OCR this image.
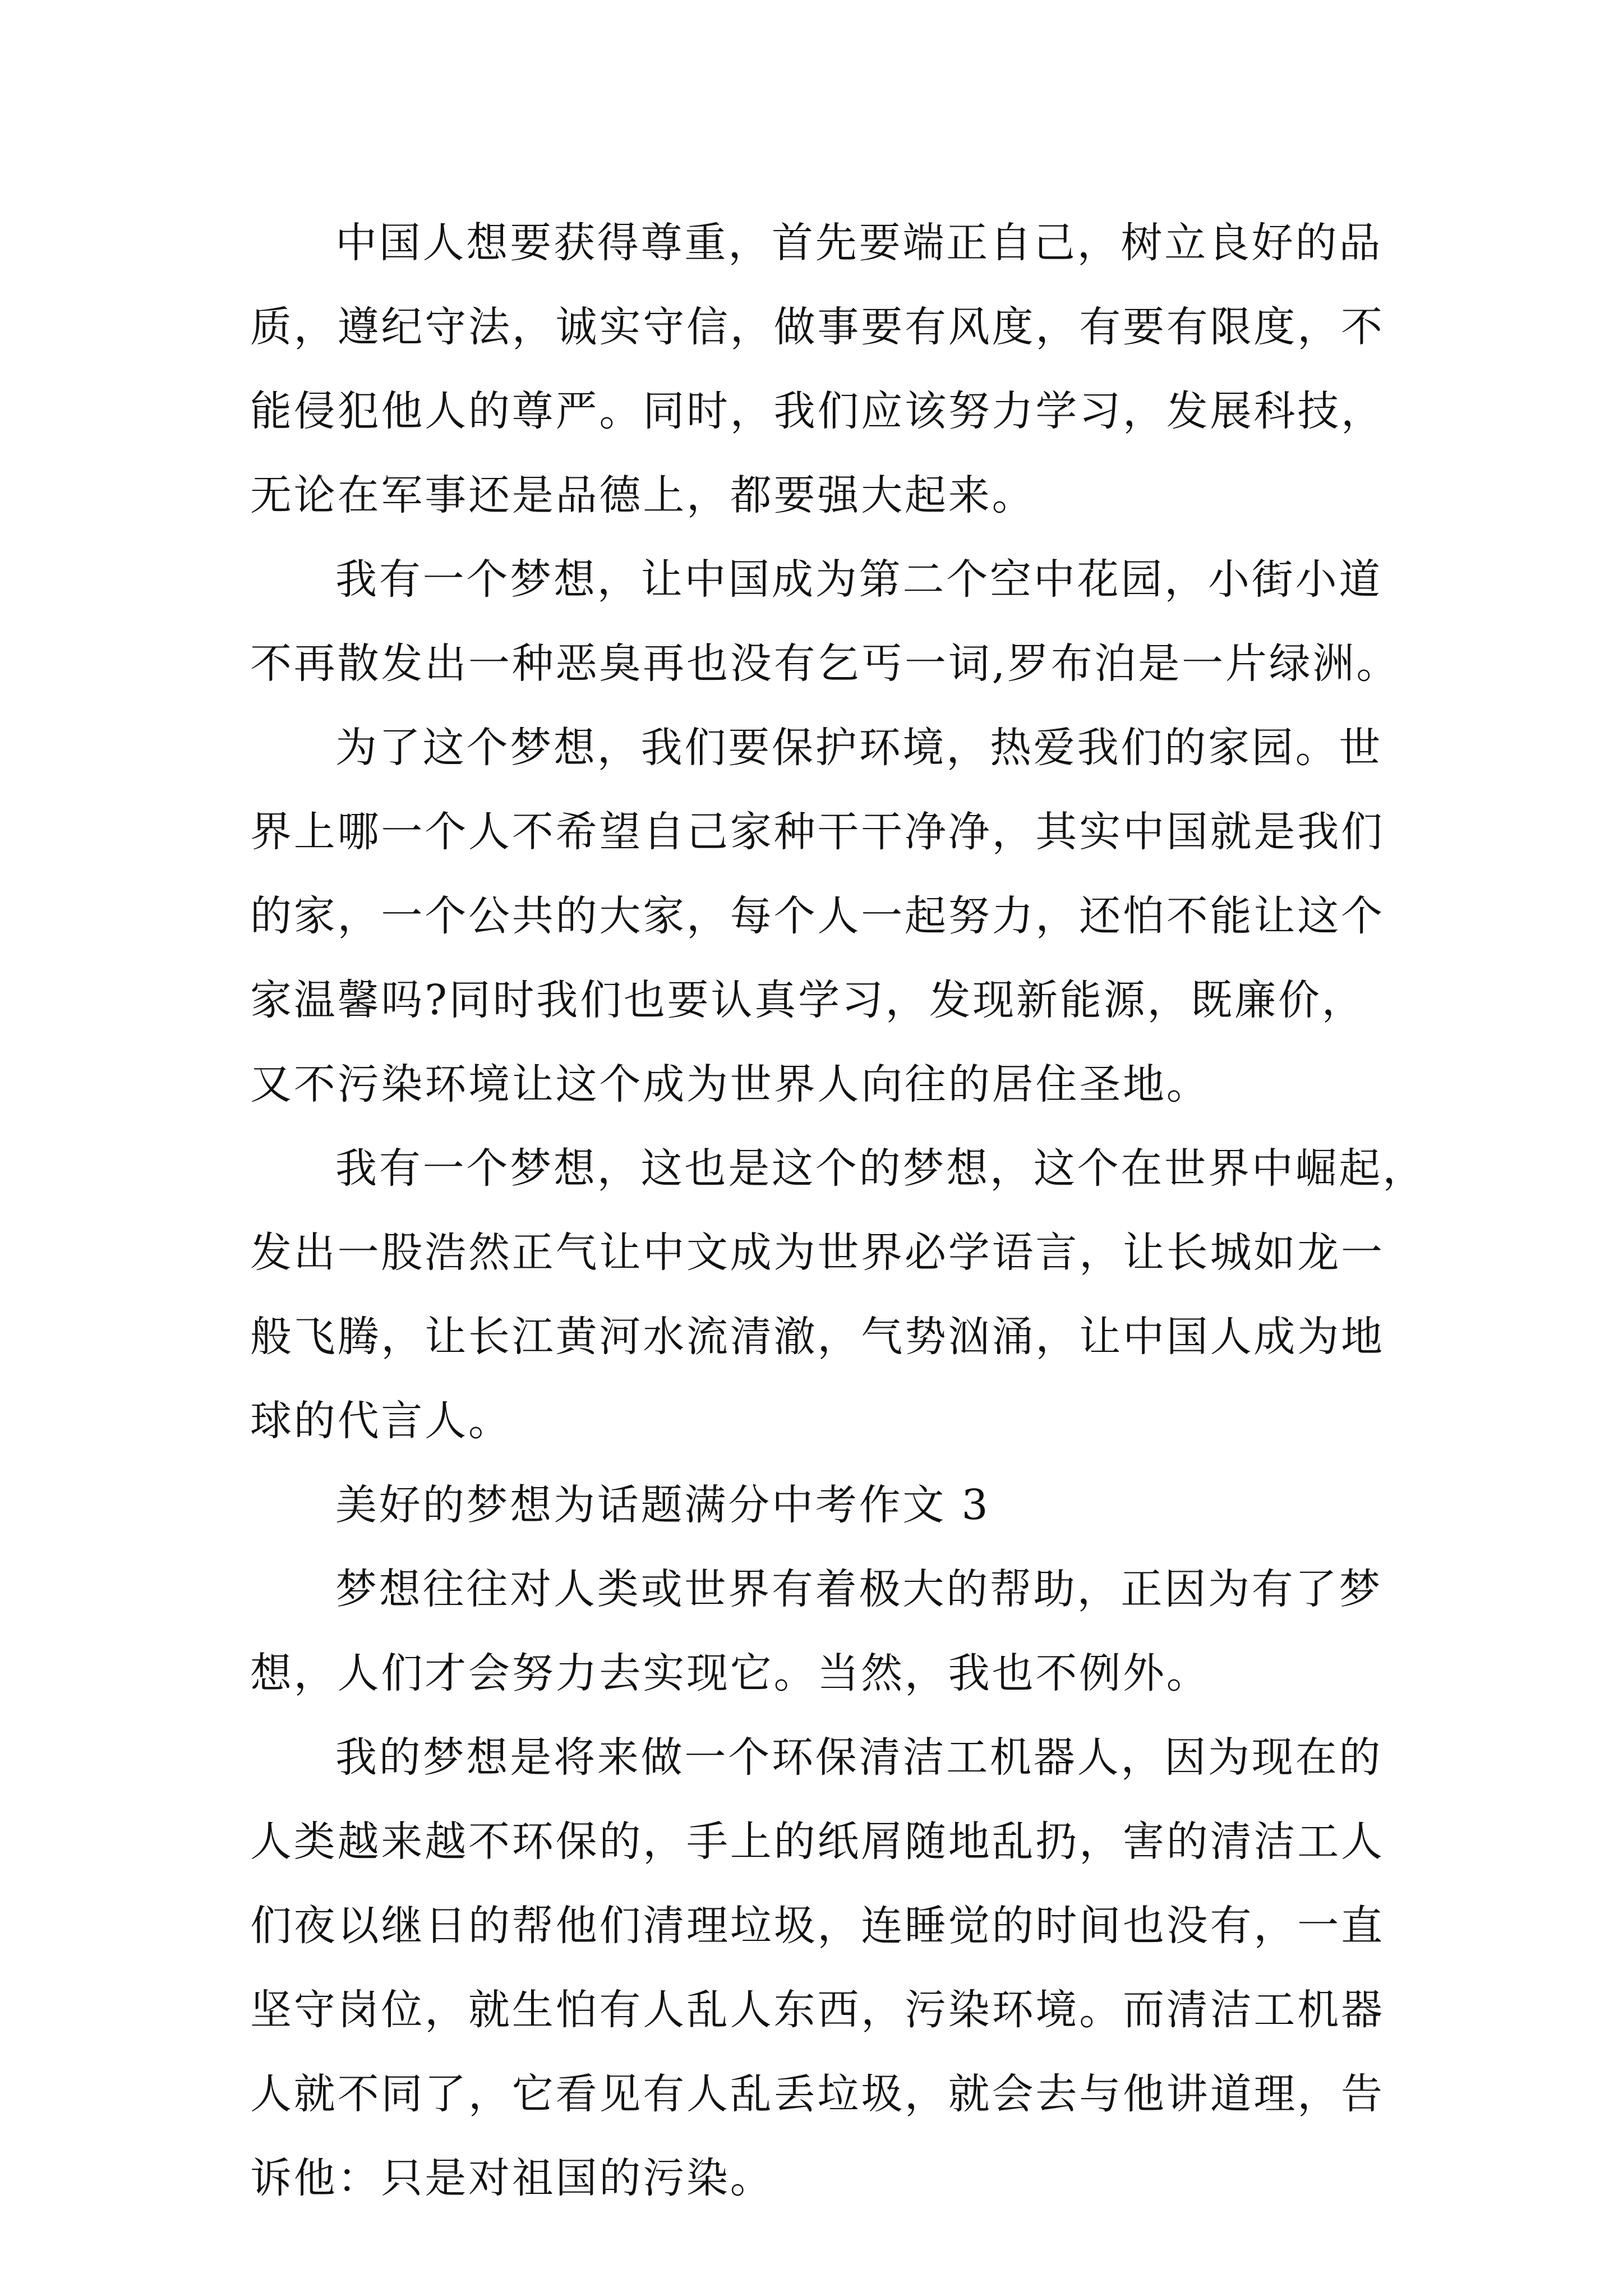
中国人想要获得尊重，首先要端正自己，树立良好的品

质，遵纪守法，诚实守信，做事要有风度，有要有限度，不

能侵犯他人的尊严。同时，我们应该努力学习，发展科技，

无论在军事还是品德上，都要强大起来。

我有一个梦想，让中国成为第二个空中花园，小街小道

不再散发出一种恶臭再也没有乞丐一词,罗布泊是一片绿洲。

为了这个梦想，我们要保护环境，热爱我们的家园。世

界上哪一个人不希望自己家种干干净净，其实中国就是我们

的家，一个公共的大家，每个人一起努力，还怕不能让这个

家温馨吗?同时我们也要认真学习，发现新能源，既廉价，

又不污染环境让这个成为世界人向往的居住圣地。

我有一个梦想，这也是这个的梦想，这个在世界中崛起，

发出一股浩然正气让中文成为世界必学语言，让长城如龙一

般飞腾，让长江黄河水流清澈，气势汹涌，让中国人成为地

球的代言人。

美好的梦想为话题满分中考作文 3

梦想往往对人类或世界有着极大的帮助，正因为有了梦

想，人们才会努力去实现它。当然，我也不例外。

我的梦想是将来做一个环保清洁工机器人，因为现在的

人类越来越不环保的，手上的纸屑随地乱扔，害的清洁工人

们夜以继日的帮他们清理垃圾，连睡觉的时间也没有，一直

坚守岗位，就生怕有人乱人东西，污染环境。而清洁工机器

人就不同了，它看见有人乱丢垃圾，就会去与他讲道理，告

诉他：只是对祖国的污染。
